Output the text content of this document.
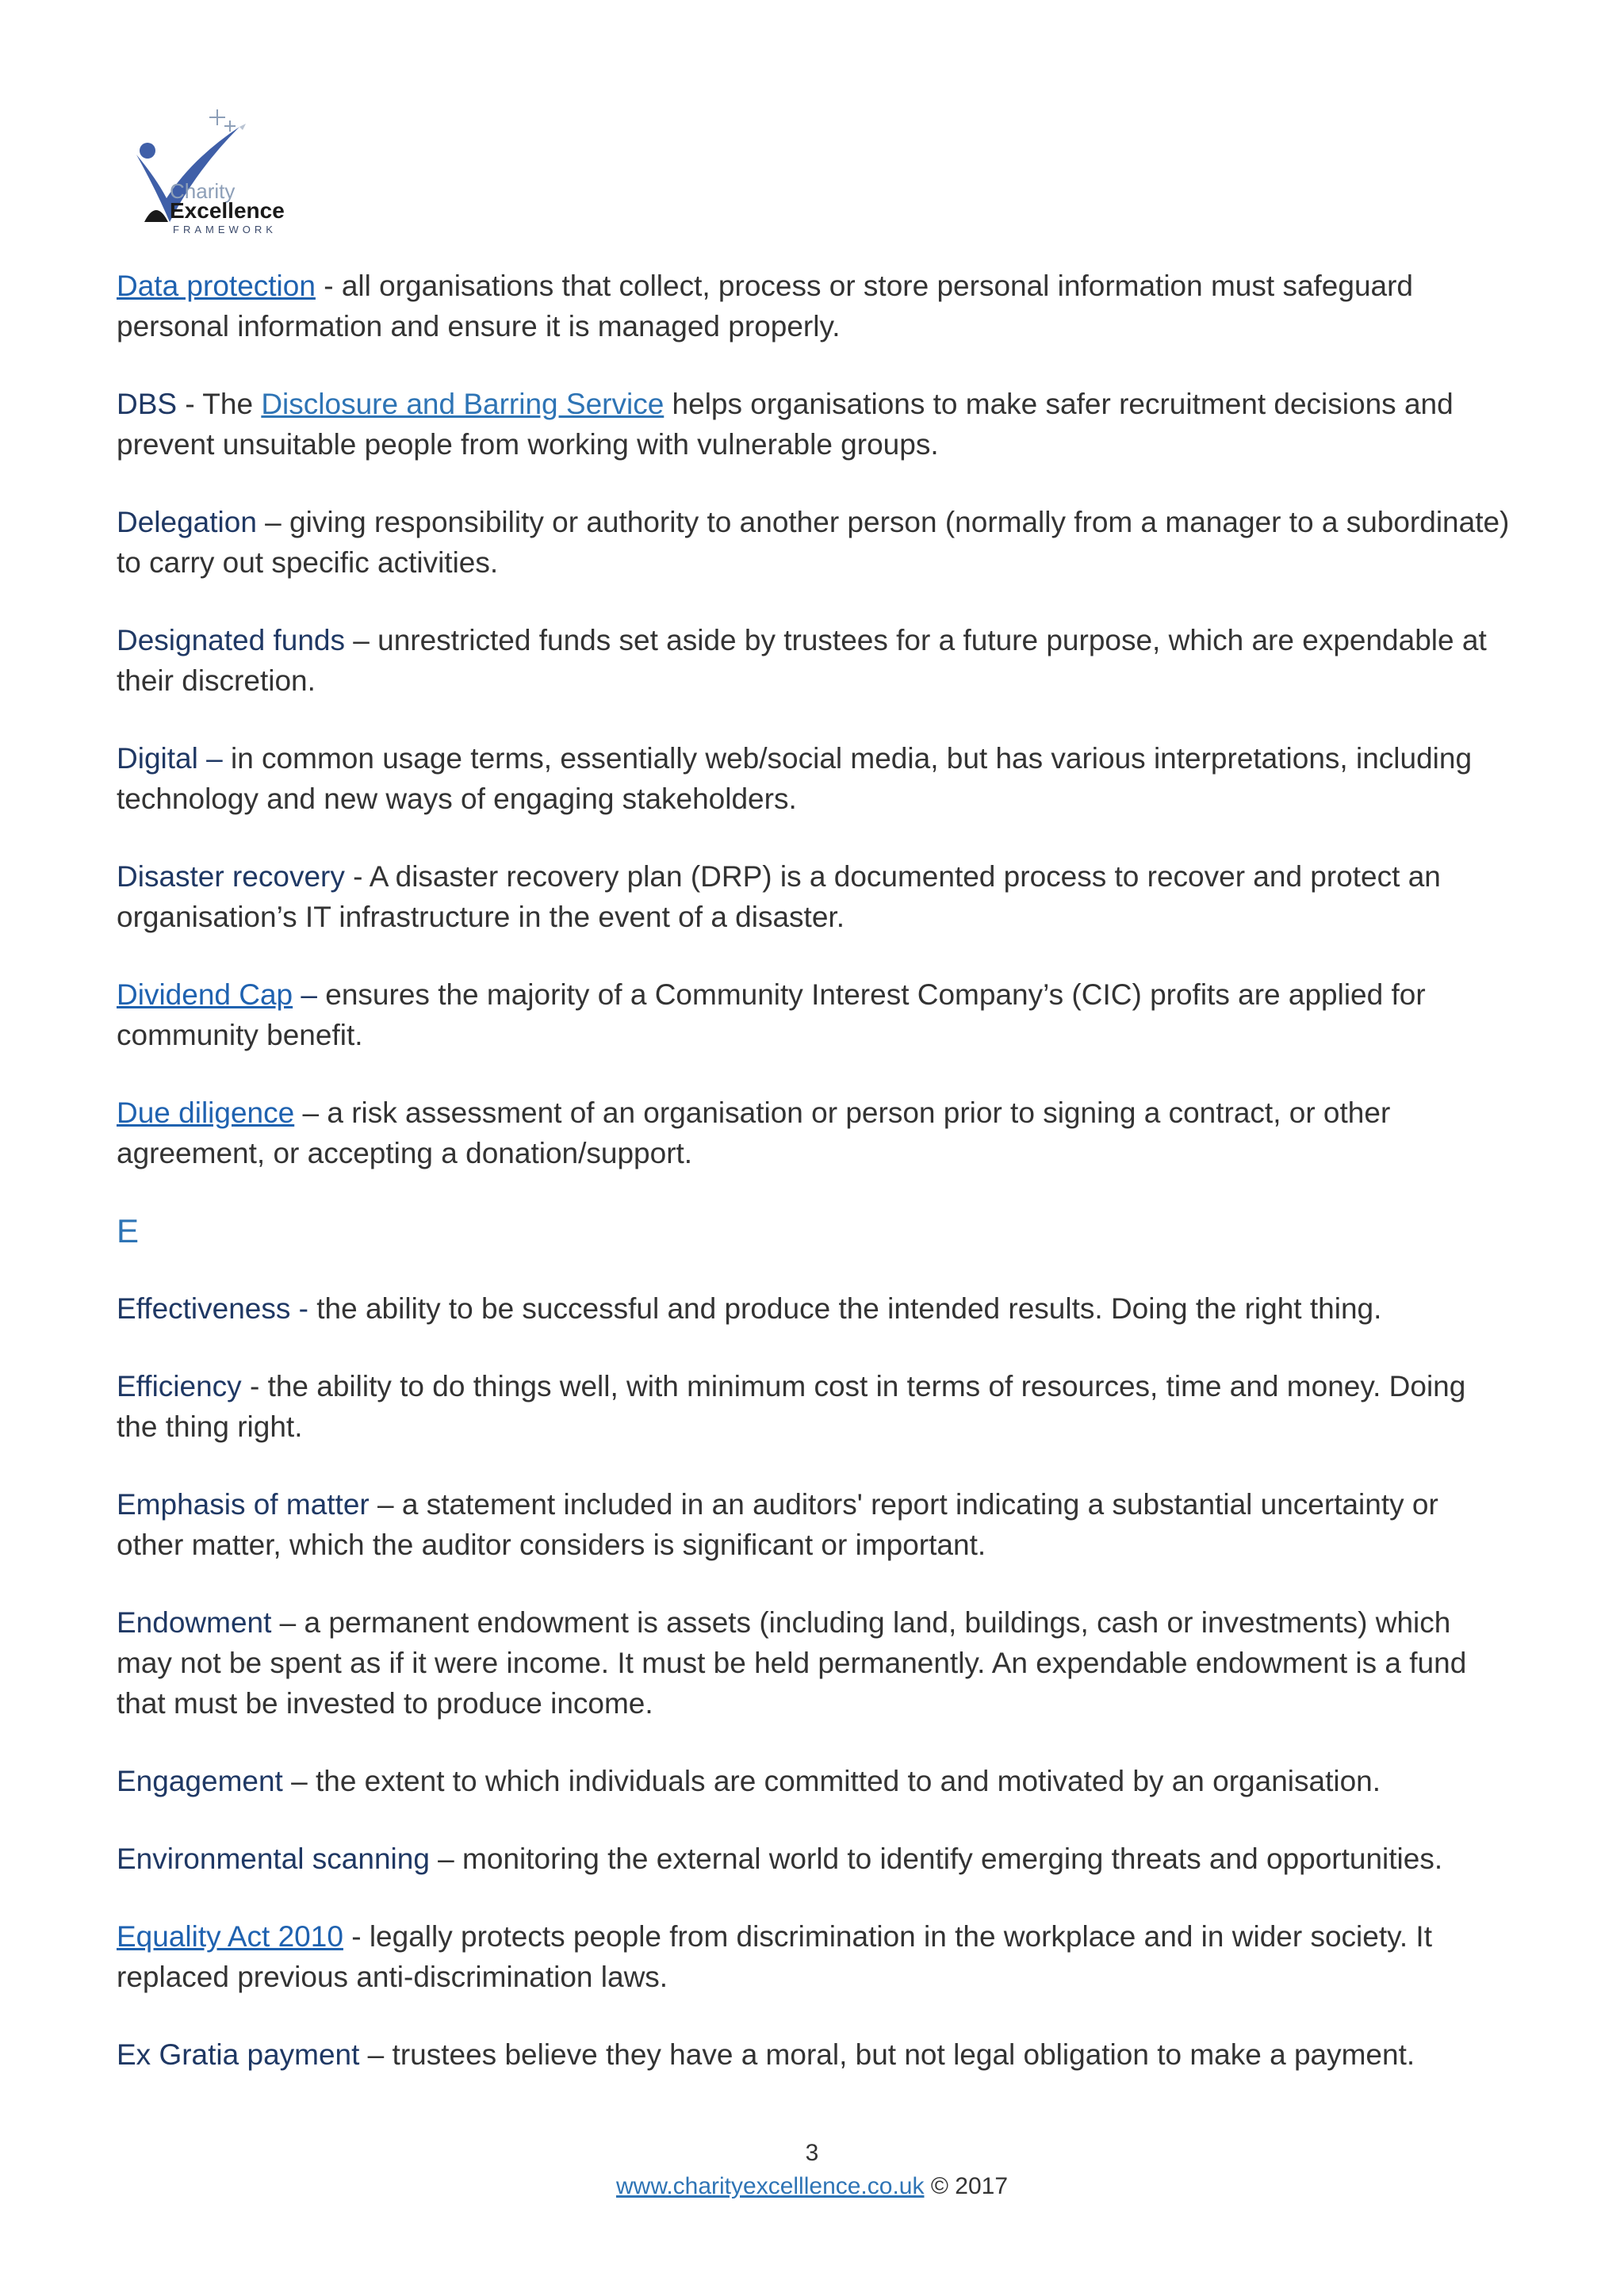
Charity
Excellence
FRAMEWORK

Data protection - all organisations that collect, process or store personal information must safeguard personal information and ensure it is managed properly.

DBS - The Disclosure and Barring Service helps organisations to make safer recruitment decisions and prevent unsuitable people from working with vulnerable groups.

Delegation – giving responsibility or authority to another person (normally from a manager to a subordinate) to carry out specific activities.

Designated funds – unrestricted funds set aside by trustees for a future purpose, which are expendable at their discretion.

Digital – in common usage terms, essentially web/social media, but has various interpretations, including technology and new ways of engaging stakeholders.

Disaster recovery - A disaster recovery plan (DRP) is a documented process to recover and protect an organisation’s IT infrastructure in the event of a disaster.

Dividend Cap – ensures the majority of a Community Interest Company’s (CIC) profits are applied for community benefit.

Due diligence – a risk assessment of an organisation or person prior to signing a contract, or other agreement, or accepting a donation/support.

E

Effectiveness - the ability to be successful and produce the intended results. Doing the right thing.

Efficiency - the ability to do things well, with minimum cost in terms of resources, time and money. Doing the thing right.

Emphasis of matter – a statement included in an auditors' report indicating a substantial uncertainty or other matter, which the auditor considers is significant or important.

Endowment – a permanent endowment is assets (including land, buildings, cash or investments) which may not be spent as if it were income. It must be held permanently. An expendable endowment is a fund that must be invested to produce income.

Engagement – the extent to which individuals are committed to and motivated by an organisation.

Environmental scanning – monitoring the external world to identify emerging threats and opportunities.

Equality Act 2010 - legally protects people from discrimination in the workplace and in wider society. It replaced previous anti-discrimination laws.

Ex Gratia payment – trustees believe they have a moral, but not legal obligation to make a payment.

3
www.charityexcelllence.co.uk © 2017
